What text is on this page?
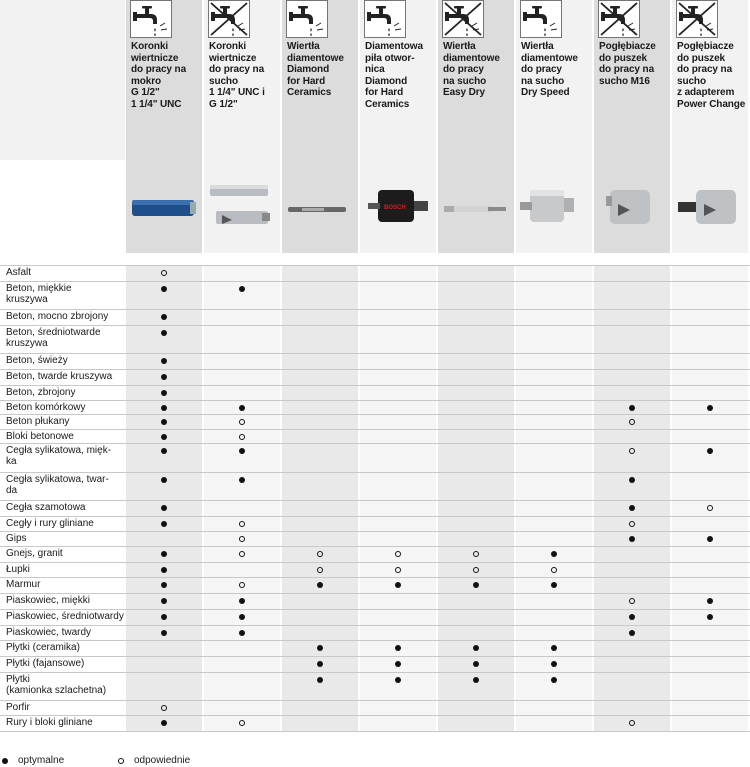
Koronki
wiertnicze
do pracy na
mokro
G 1/2"
1 1/4" UNC
Koronki
wiertnicze
do pracy na
sucho
1 1/4" UNC i
G 1/2"
Wiertła
diamentowe
Diamond
for Hard
Ceramics
Diamentowa
piła otwor-
nica
Diamond
for Hard
Ceramics
Wiertła
diamentowe
do pracy
na sucho
Easy Dry
Wiertła
diamentowe
do pracy
na sucho
Dry Speed
Pogłębiacze
do puszek
do pracy na
sucho M16
Pogłębiacze
do puszek
do pracy na
sucho
z adapterem
Power Change
BOSCH
Asfalt
Beton, miękkie
kruszywa
Beton, mocno zbrojony
Beton, średniotwarde
kruszywa
Beton, świeży
Beton, twarde kruszywa
Beton, zbrojony
Beton komórkowy
Beton płukany
Bloki betonowe
Cegła sylikatowa, mięk-
ka
Cegła sylikatowa, twar-
da
Cegła szamotowa
Cegły i rury gliniane
Gips
Gnejs, granit
Łupki
Marmur
Piaskowiec, miękki
Piaskowiec, średniotwardy
Piaskowiec, twardy
Płytki (ceramika)
Płytki (fajansowe)
Płytki
(kamionka szlachetna)
Porfir
Rury i bloki gliniane
optymalne	odpowiednie
